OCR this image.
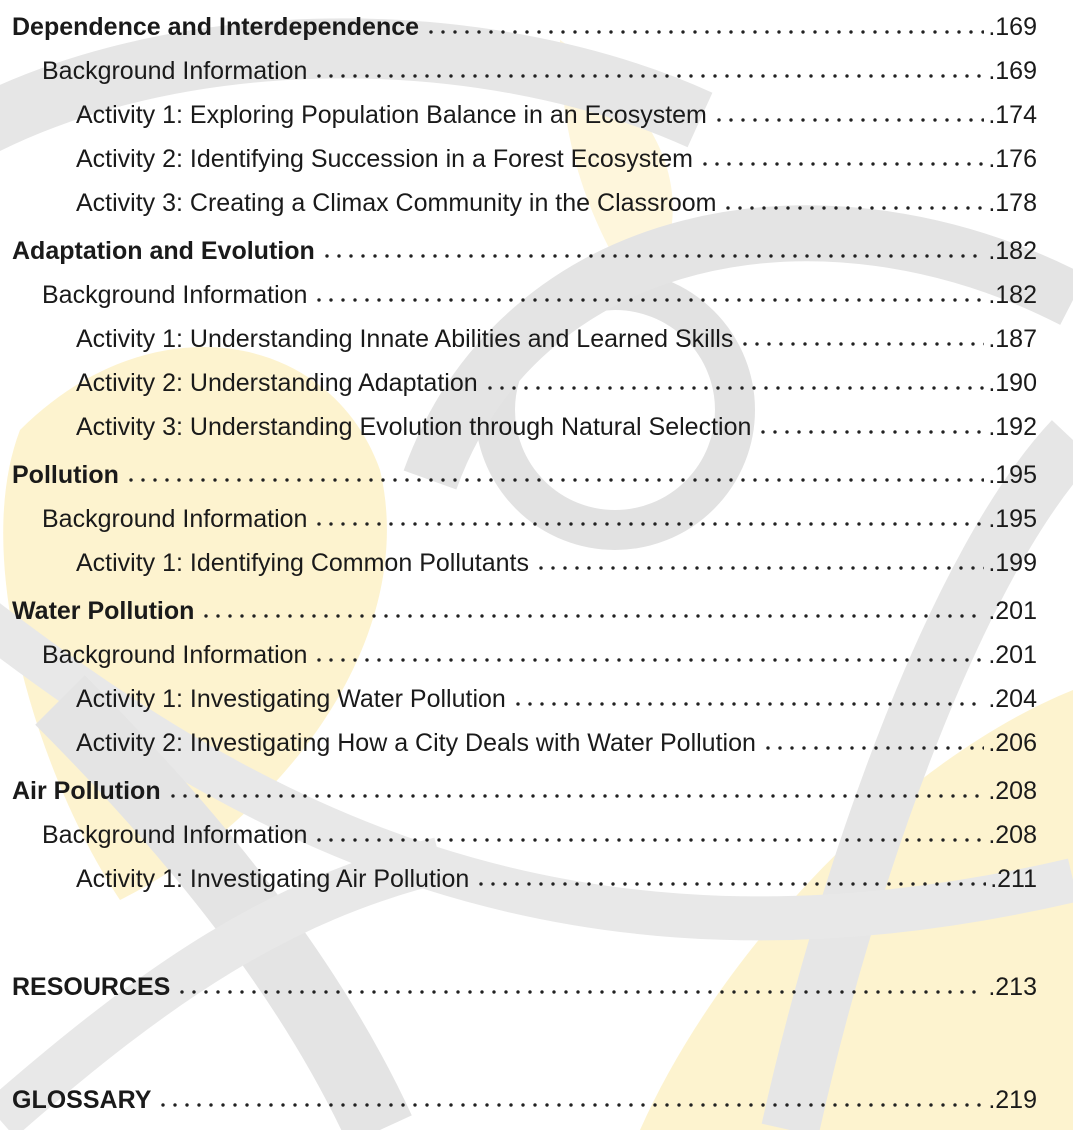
Dependence and Interdependence	.169
Background Information	.169
Activity 1: Exploring Population Balance in an Ecosystem	.174
Activity 2: Identifying Succession in a Forest Ecosystem	.176
Activity 3: Creating a Climax Community in the Classroom	.178
Adaptation and Evolution	.182
Background Information	.182
Activity 1: Understanding Innate Abilities and Learned Skills	.187
Activity 2: Understanding Adaptation	.190
Activity 3: Understanding Evolution through Natural Selection	.192
Pollution	.195
Background Information	.195
Activity 1: Identifying Common Pollutants	.199
Water Pollution	.201
Background Information	.201
Activity 1: Investigating Water Pollution	.204
Activity 2: Investigating How a City Deals with Water Pollution	.206
Air Pollution	.208
Background Information	.208
Activity 1: Investigating Air Pollution	.211
RESOURCES	.213
GLOSSARY	.219
